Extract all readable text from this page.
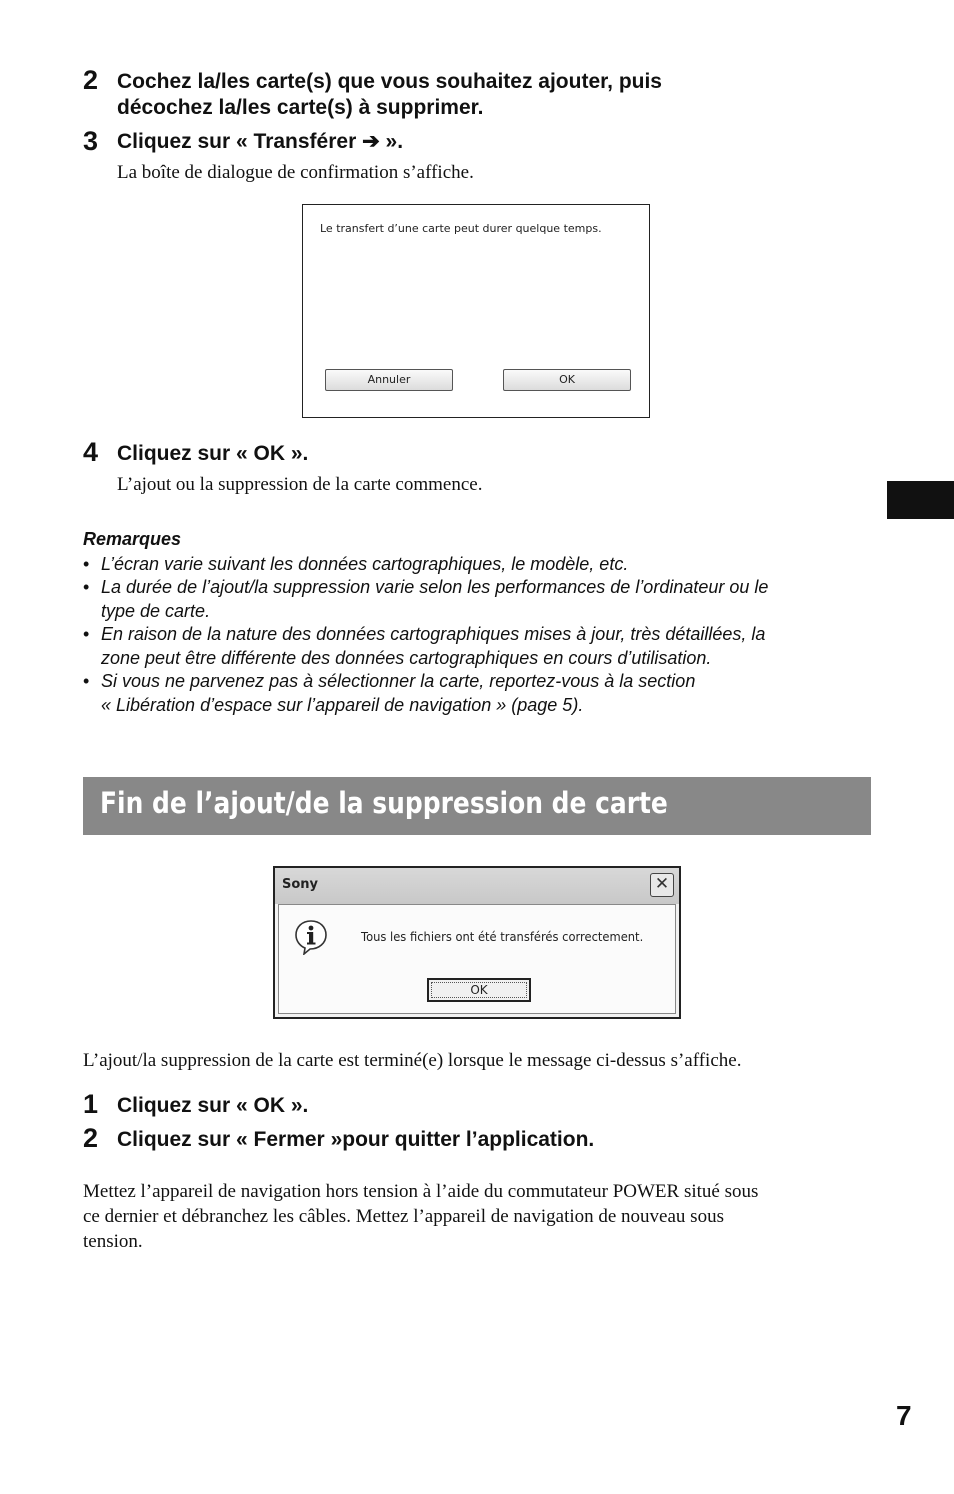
2 Cochez la/les carte(s) que vous souhaitez ajouter, puis
décochez la/les carte(s) à supprimer.
3 Cliquez sur « Transférer ➔ ».
La boîte de dialogue de confirmation s’affiche.
Le transfert d’une carte peut durer quelque temps.
Annuler	OK
4 Cliquez sur « OK ».
L’ajout ou la suppression de la carte commence.
Remarques
• L’écran varie suivant les données cartographiques, le modèle, etc.
• La durée de l’ajout/la suppression varie selon les performances de l’ordinateur ou le
type de carte.
• En raison de la nature des données cartographiques mises à jour, très détaillées, la
zone peut être différente des données cartographiques en cours d’utilisation.
• Si vous ne parvenez pas à sélectionner la carte, reportez-vous à la section
« Libération d’espace sur l’appareil de navigation » (page 5).
Fin de l’ajout/de la suppression de carte
Sony	✕
Tous les fichiers ont été transférés correctement.
OK
L’ajout/la suppression de la carte est terminé(e) lorsque le message ci-dessus s’affiche.
1 Cliquez sur « OK ».
2 Cliquez sur « Fermer »pour quitter l’application.
Mettez l’appareil de navigation hors tension à l’aide du commutateur POWER situé sous
ce dernier et débranchez les câbles. Mettez l’appareil de navigation de nouveau sous
tension.
7
